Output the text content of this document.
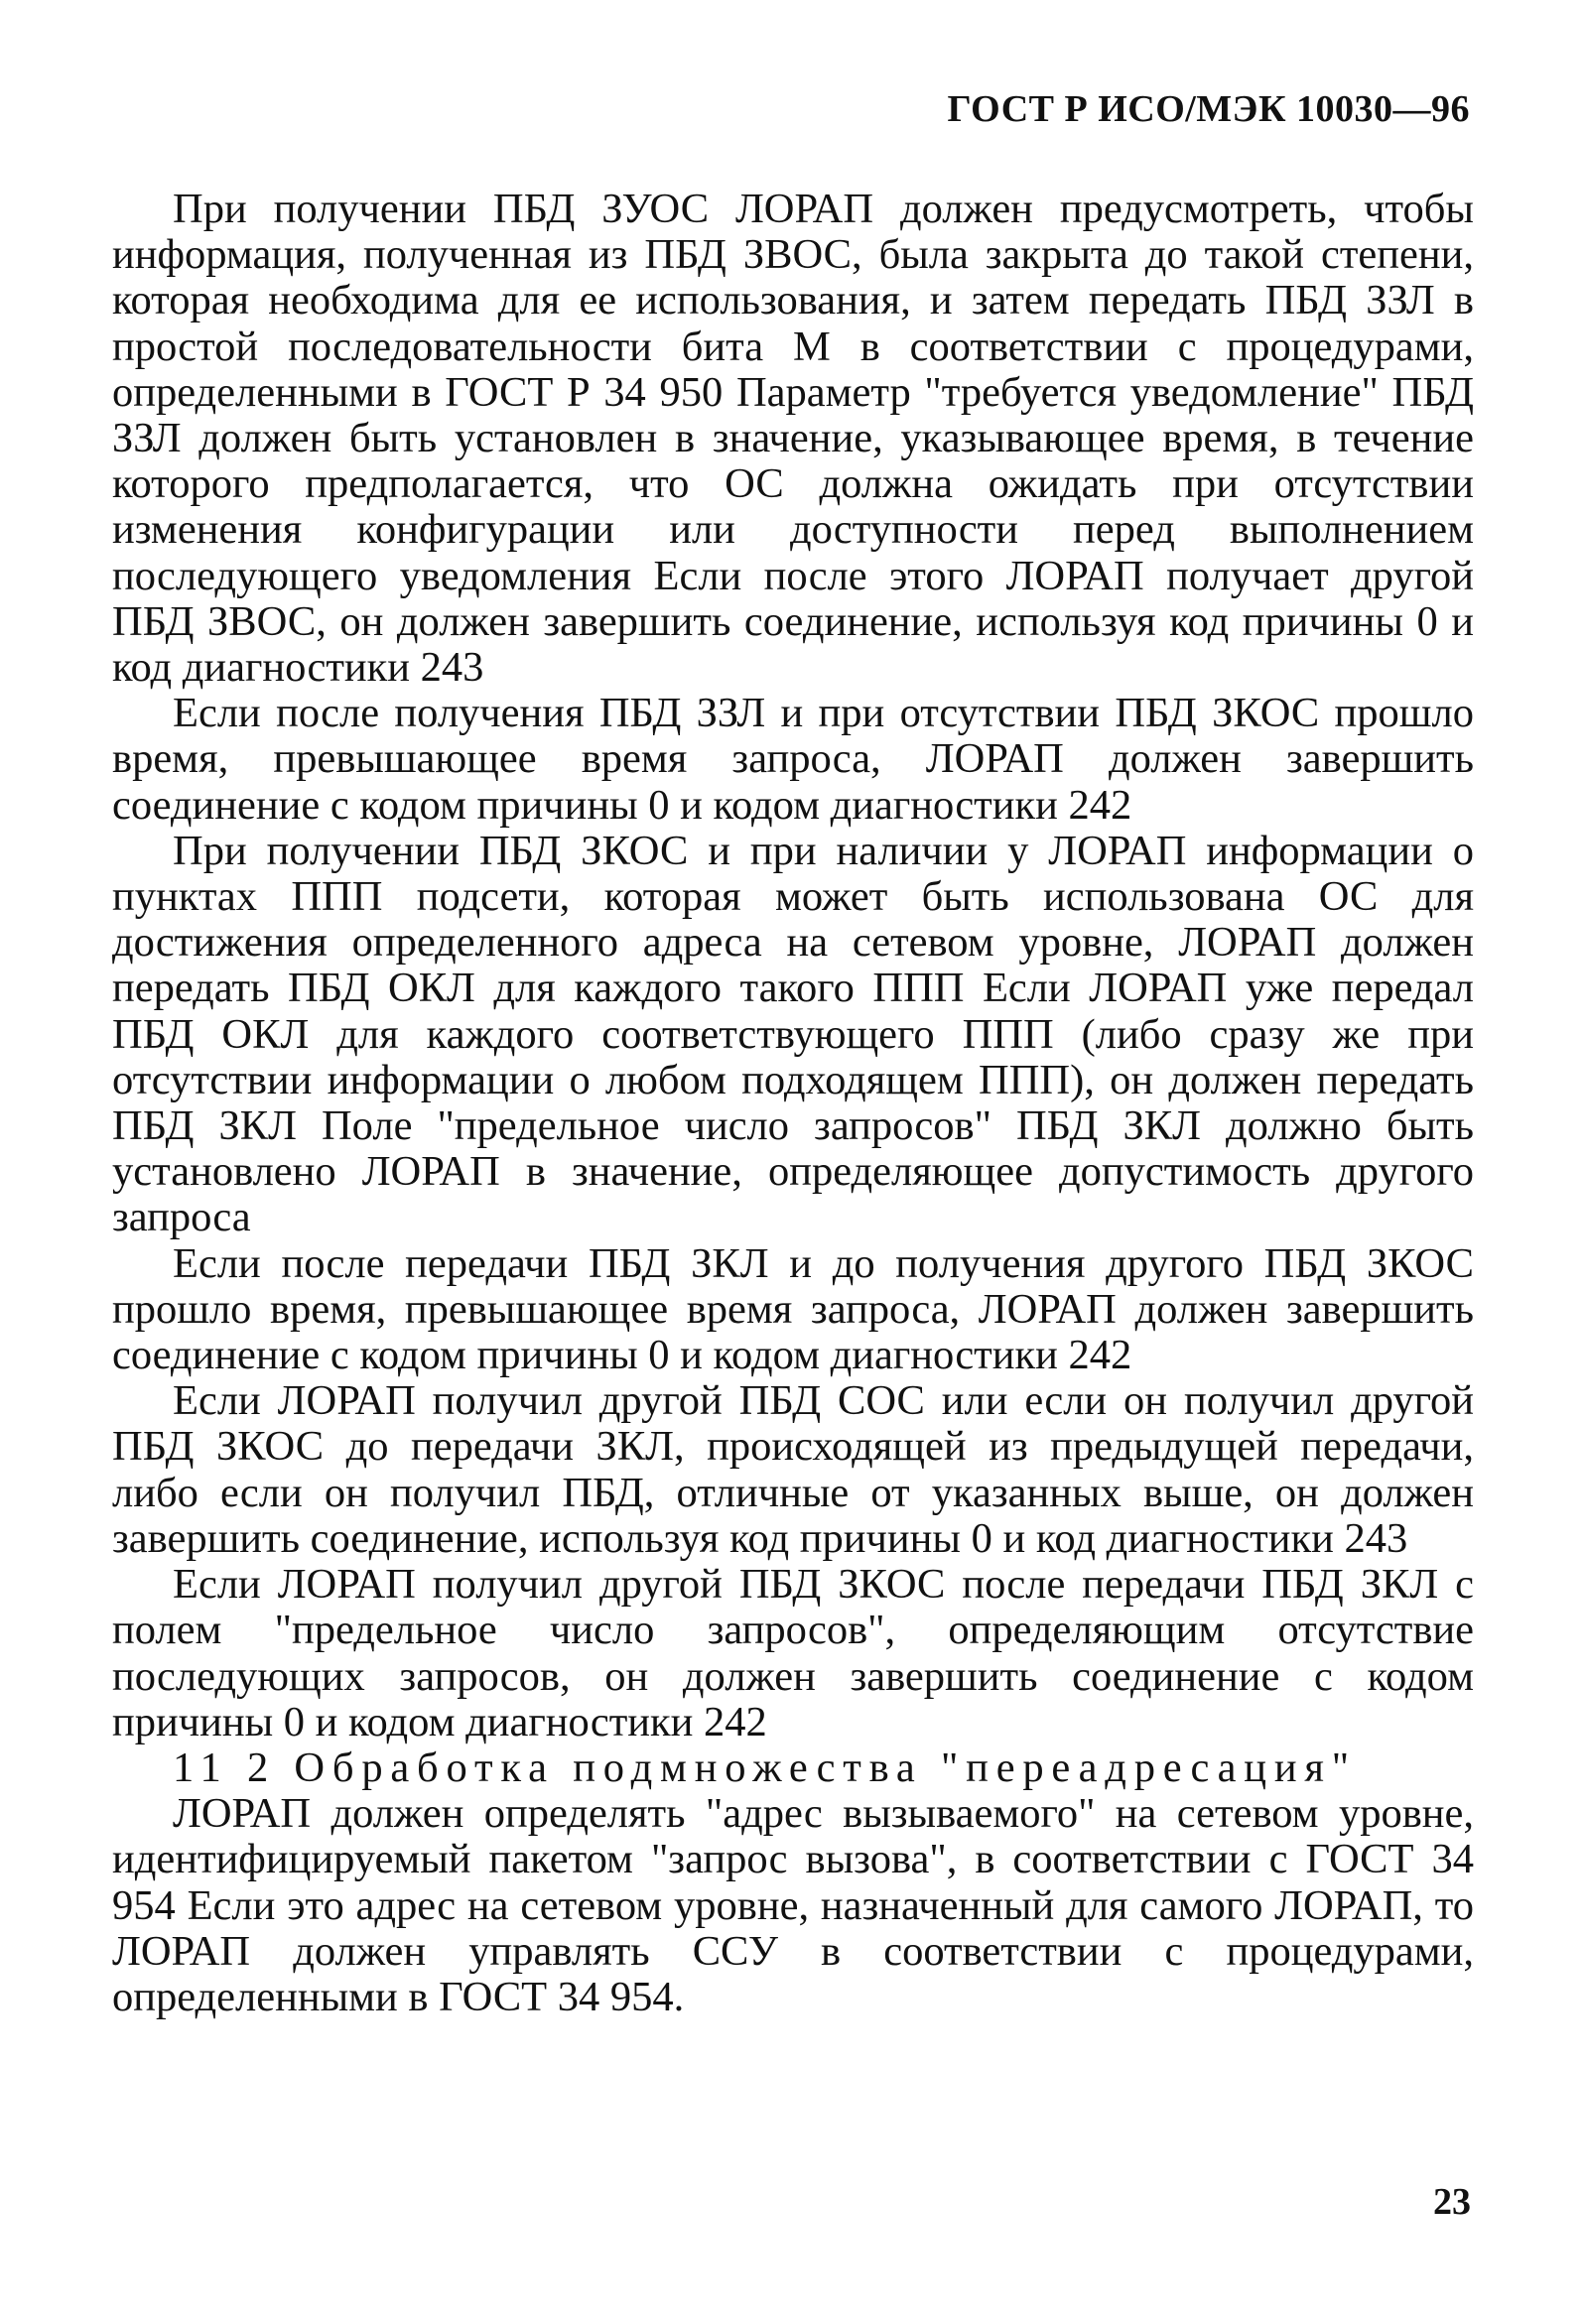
ГОСТ Р ИСО/МЭК 10030—96

При получении ПБД ЗУОС ЛОРАП должен предусмотреть, чтобы информация, полученная из ПБД ЗВОС, была закрыта до такой степени, которая необходима для ее использования, и затем передать ПБД ЗЗЛ в простой последовательности бита М в соответствии с процедурами, определенными в ГОСТ Р 34 950 Параметр "требуется уведомление" ПБД ЗЗЛ должен быть установлен в значение, указывающее время, в течение которого предполагается, что ОС должна ожидать при отсутствии изменения конфигурации или доступности перед выполнением последующего уведомления Если после этого ЛОРАП получает другой ПБД ЗВОС, он должен завершить соединение, используя код причины 0 и код диагностики 243

Если после получения ПБД ЗЗЛ и при отсутствии ПБД ЗКОС прошло время, превышающее время запроса, ЛОРАП должен завершить соединение с кодом причины 0 и кодом диагностики 242

При получении ПБД ЗКОС и при наличии у ЛОРАП информации о пунктах ППП подсети, которая может быть использована ОС для достижения определенного адреса на сетевом уровне, ЛОРАП должен передать ПБД ОКЛ для каждого такого ППП Если ЛОРАП уже передал ПБД ОКЛ для каждого соответствующего ППП (либо сразу же при отсутствии информации о любом подходящем ППП), он должен передать ПБД ЗКЛ Поле "предельное число запросов" ПБД ЗКЛ должно быть установлено ЛОРАП в значение, определяющее допустимость другого запроса

Если после передачи ПБД ЗКЛ и до получения другого ПБД ЗКОС прошло время, превышающее время запроса, ЛОРАП должен завершить соединение с кодом причины 0 и кодом диагностики 242

Если ЛОРАП получил другой ПБД СОС или если он получил другой ПБД ЗКОС до передачи ЗКЛ, происходящей из предыдущей передачи, либо если он получил ПБД, отличные от указанных выше, он должен завершить соединение, используя код причины 0 и код диагностики 243

Если ЛОРАП получил другой ПБД ЗКОС после передачи ПБД ЗКЛ с полем "предельное число запросов", определяющим отсутствие последующих запросов, он должен завершить соединение с кодом причины 0 и кодом диагностики 242

11 2 Обработка подмножества "переадресация"

ЛОРАП должен определять "адрес вызываемого" на сетевом уровне, идентифицируемый пакетом "запрос вызова", в соответствии с ГОСТ 34 954 Если это адрес на сетевом уровне, назначенный для самого ЛОРАП, то ЛОРАП должен управлять ССУ в соответствии с процедурами, определенными в ГОСТ 34 954.

23
